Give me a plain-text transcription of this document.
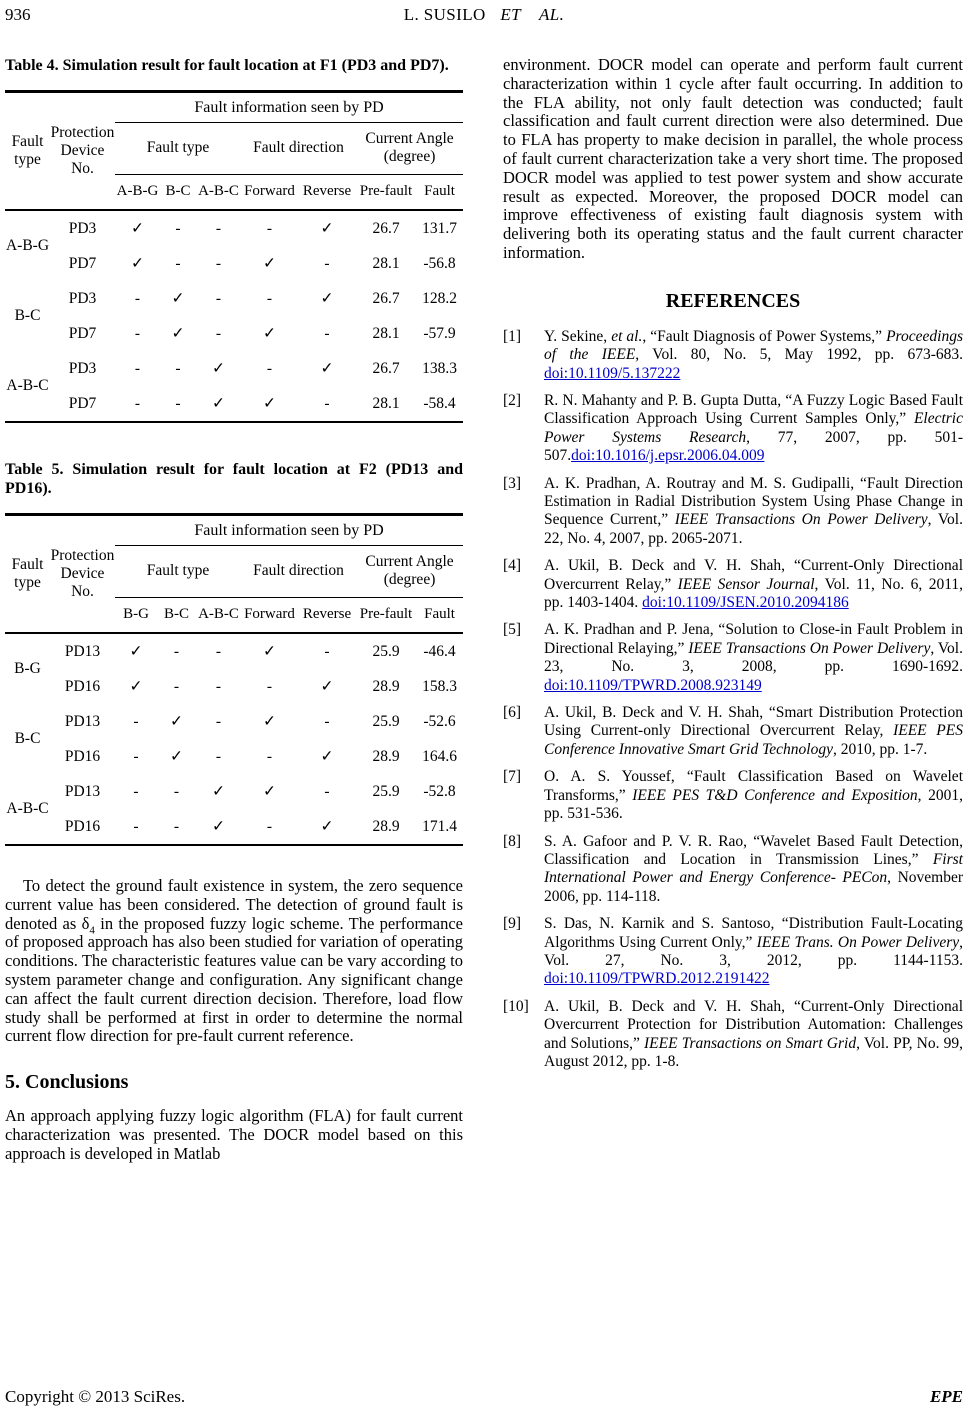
936	L. SUSILO ET AL.

Table 4. Simulation result for fault location at F1 (PD3 and PD7).

Fault type	Protection Device No.	Fault information seen by PD						
		Fault type			Fault direction		Current Angle (degree)	
		A-B-G	B-C	A-B-C	Forward	Reverse	Pre-fault	Fault
A-B-G	PD3	✓	-	-	-	✓	26.7	131.7
	PD7	✓	-	-	✓	-	28.1	-56.8
B-C	PD3	-	✓	-	-	✓	26.7	128.2
	PD7	-	✓	-	✓	-	28.1	-57.9
A-B-C	PD3	-	-	✓	-	✓	26.7	138.3
	PD7	-	-	✓	✓	-	28.1	-58.4

Table 5. Simulation result for fault location at F2 (PD13 and PD16).

Fault type	Protection Device No.	Fault information seen by PD						
		Fault type			Fault direction		Current Angle (degree)	
		B-G	B-C	A-B-C	Forward	Reverse	Pre-fault	Fault
B-G	PD13	✓	-	-	✓	-	25.9	-46.4
	PD16	✓	-	-	-	✓	28.9	158.3
B-C	PD13	-	✓	-	✓	-	25.9	-52.6
	PD16	-	✓	-	-	✓	28.9	164.6
A-B-C	PD13	-	-	✓	✓	-	25.9	-52.8
	PD16	-	-	✓	-	✓	28.9	171.4

To detect the ground fault existence in system, the zero sequence current value has been considered. The detection of ground fault is denoted as $\delta_4$ in the proposed fuzzy logic scheme. The performance of proposed approach has also been studied for variation of operating conditions. The characteristic features value can be vary according to system parameter change and configuration. Any significant change can affect the fault current direction decision. Therefore, load flow study shall be performed at first in order to determine the normal current flow direction for pre-fault current reference.

5. Conclusions

An approach applying fuzzy logic algorithm (FLA) for fault current characterization was presented. The DOCR model based on this approach is developed in Matlab

environment. DOCR model can operate and perform fault current characterization within 1 cycle after fault occurring. In addition to the FLA ability, not only fault detection was conducted; fault classification and fault current direction were also determined. Due to FLA has property to make decision in parallel, the whole process of fault current characterization take a very short time. The proposed DOCR model was applied to test power system and show accurate result as expected. Moreover, the proposed DOCR model can improve effectiveness of existing fault diagnosis system with delivering both its operating status and the fault current character information.

REFERENCES
[1]	Y. Sekine, et al., “Fault Diagnosis of Power Systems,” Proceedings of the IEEE, Vol. 80, No. 5, May 1992, pp. 673-683. doi:10.1109/5.137222
[2]	R. N. Mahanty and P. B. Gupta Dutta, “A Fuzzy Logic Based Fault Classification Approach Using Current Samples Only,” Electric Power Systems Research, 77, 2007, pp. 501-507.doi:10.1016/j.epsr.2006.04.009
[3]	A. K. Pradhan, A. Routray and M. S. Gudipalli, “Fault Direction Estimation in Radial Distribution System Using Phase Change in Sequence Current,” IEEE Transactions On Power Delivery, Vol. 22, No. 4, 2007, pp. 2065-2071.
[4]	A. Ukil, B. Deck and V. H. Shah, “Current-Only Directional Overcurrent Relay,” IEEE Sensor Journal, Vol. 11, No. 6, 2011, pp. 1403-1404. doi:10.1109/JSEN.2010.2094186
[5]	A. K. Pradhan and P. Jena, “Solution to Close-in Fault Problem in Directional Relaying,” IEEE Transactions On Power Delivery, Vol. 23, No. 3, 2008, pp. 1690-1692. doi:10.1109/TPWRD.2008.923149
[6]	A. Ukil, B. Deck and V. H. Shah, “Smart Distribution Protection Using Current-only Directional Overcurrent Relay, IEEE PES Conference Innovative Smart Grid Technology, 2010, pp. 1-7.
[7]	O. A. S. Youssef, “Fault Classification Based on Wavelet Transforms,” IEEE PES T&D Conference and Exposition, 2001, pp. 531-536.
[8]	S. A. Gafoor and P. V. R. Rao, “Wavelet Based Fault Detection, Classification and Location in Transmission Lines,” First International Power and Energy Conference- PECon, November 2006, pp. 114-118.
[9]	S. Das, N. Karnik and S. Santoso, “Distribution Fault-Locating Algorithms Using Current Only,” IEEE Trans. On Power Delivery, Vol. 27, No. 3, 2012, pp. 1144-1153. doi:10.1109/TPWRD.2012.2191422
[10] A. Ukil, B. Deck and V. H. Shah, “Current-Only Directional Overcurrent Protection for Distribution Automation: Challenges and Solutions,” IEEE Transactions on Smart Grid, Vol. PP, No. 99, August 2012, pp. 1-8.
Copyright © 2013 SciRes.	EPE
